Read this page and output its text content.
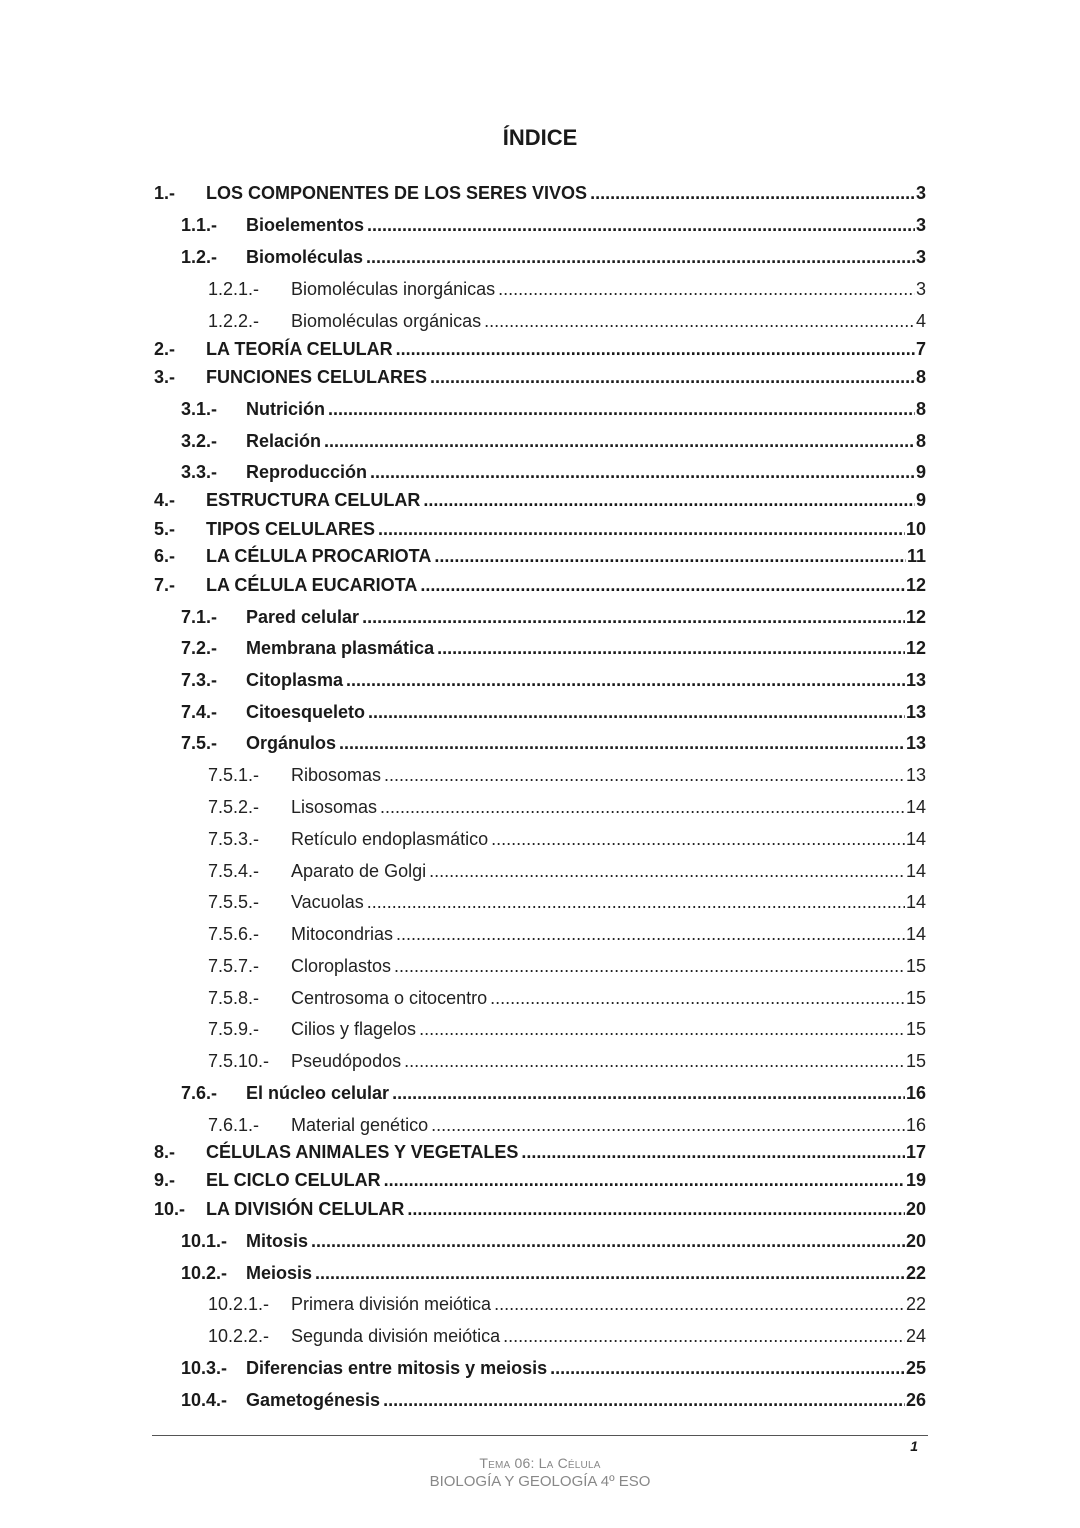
ÍNDICE
1.-	LOS COMPONENTES DE LOS SERES VIVOS .....	3
1.1.-	Bioelementos .....	3
1.2.-	Biomoléculas .....	3
1.2.1.-	Biomoléculas inorgánicas .....	3
1.2.2.-	Biomoléculas orgánicas .....	4
2.-	LA TEORÍA CELULAR .....	7
3.-	FUNCIONES CELULARES .....	8
3.1.-	Nutrición .....	8
3.2.-	Relación .....	8
3.3.-	Reproducción .....	9
4.-	ESTRUCTURA CELULAR .....	9
5.-	TIPOS CELULARES .....	10
6.-	LA CÉLULA PROCARIOTA .....	11
7.-	LA CÉLULA EUCARIOTA .....	12
7.1.-	Pared celular .....	12
7.2.-	Membrana plasmática .....	12
7.3.-	Citoplasma .....	13
7.4.-	Citoesqueleto .....	13
7.5.-	Orgánulos .....	13
7.5.1.-	Ribosomas .....	13
7.5.2.-	Lisosomas .....	14
7.5.3.-	Retículo endoplasmático .....	14
7.5.4.-	Aparato de Golgi .....	14
7.5.5.-	Vacuolas .....	14
7.5.6.-	Mitocondrias .....	14
7.5.7.-	Cloroplastos .....	15
7.5.8.-	Centrosoma o citocentro .....	15
7.5.9.-	Cilios y flagelos .....	15
7.5.10.-	Pseudópodos .....	15
7.6.-	El núcleo celular .....	16
7.6.1.-	Material genético .....	16
8.-	CÉLULAS ANIMALES Y VEGETALES .....	17
9.-	EL CICLO CELULAR .....	19
10.-	LA DIVISIÓN CELULAR .....	20
10.1.-	Mitosis .....	20
10.2.-	Meiosis .....	22
10.2.1.-	Primera división meiótica .....	22
10.2.2.-	Segunda división meiótica .....	24
10.3.-	Diferencias entre mitosis y meiosis .....	25
10.4.-	Gametogénesis .....	26
1
Tema 06: La Célula
BIOLOGÍA Y GEOLOGÍA 4º ESO
